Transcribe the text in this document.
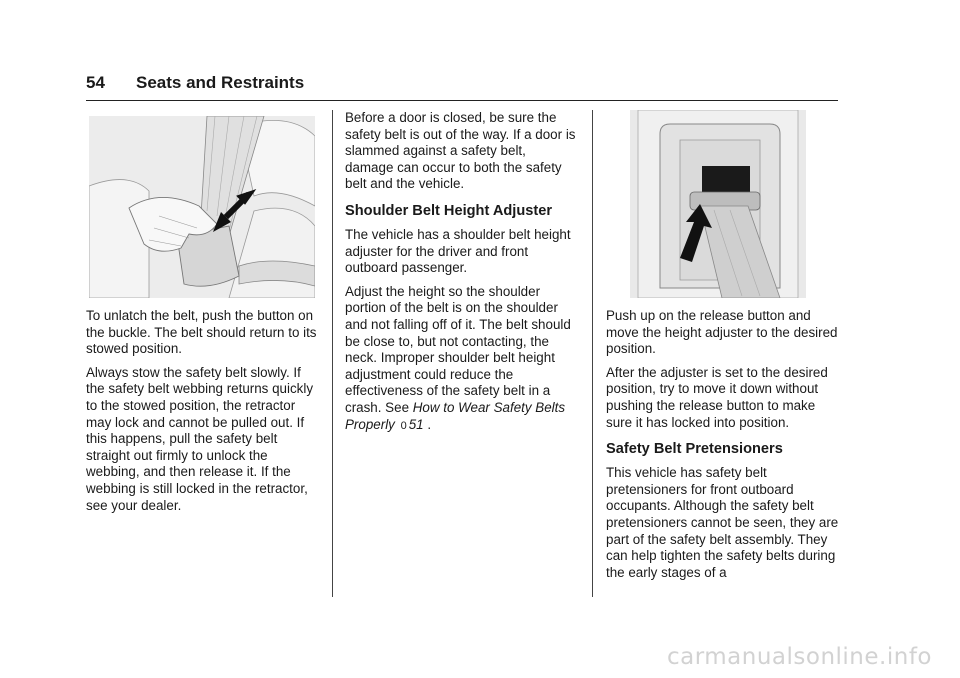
54 Seats and Restraints

To unlatch the belt, push the button on the buckle. The belt should return to its stowed position.

Always stow the safety belt slowly. If the safety belt webbing returns quickly to the stowed position, the retractor may lock and cannot be pulled out. If this happens, pull the safety belt straight out firmly to unlock the webbing, and then release it. If the webbing is still locked in the retractor, see your dealer.

Before a door is closed, be sure the safety belt is out of the way. If a door is slammed against a safety belt, damage can occur to both the safety belt and the vehicle.

Shoulder Belt Height Adjuster

The vehicle has a shoulder belt height adjuster for the driver and front outboard passenger.

Adjust the height so the shoulder portion of the belt is on the shoulder and not falling off of it. The belt should be close to, but not contacting, the neck. Improper shoulder belt height adjustment could reduce the effectiveness of the safety belt in a crash. See How to Wear Safety Belts Properly 0 51 .

Push up on the release button and move the height adjuster to the desired position.

After the adjuster is set to the desired position, try to move it down without pushing the release button to make sure it has locked into position.

Safety Belt Pretensioners

This vehicle has safety belt pretensioners for front outboard occupants. Although the safety belt pretensioners cannot be seen, they are part of the safety belt assembly. They can help tighten the safety belts during the early stages of a

carmanualsonline.info
